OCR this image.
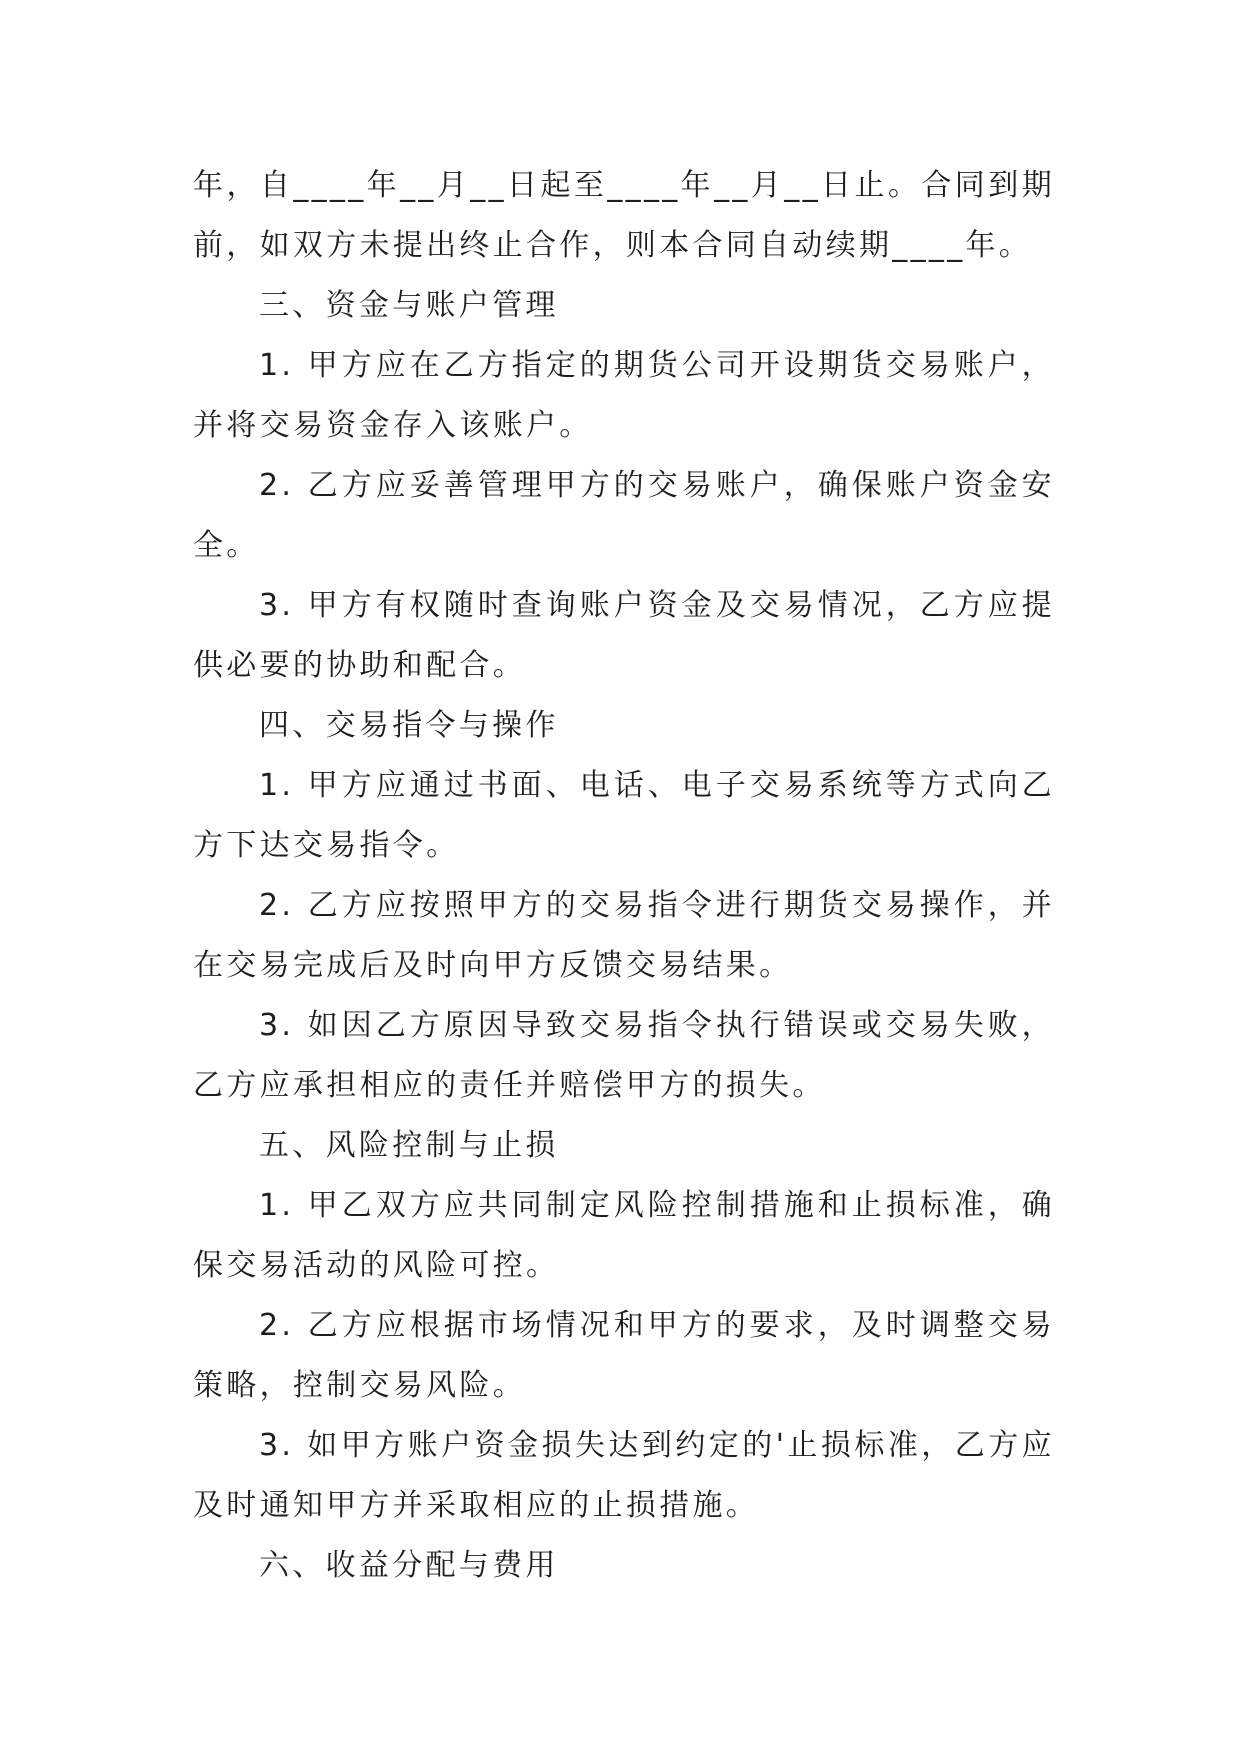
年，自____年__月__日起至____年__月__日止。合同到期前，如双方未提出终止合作，则本合同自动续期____年。

三、资金与账户管理

1. 甲方应在乙方指定的期货公司开设期货交易账户，并将交易资金存入该账户。

2. 乙方应妥善管理甲方的交易账户，确保账户资金安全。

3. 甲方有权随时查询账户资金及交易情况，乙方应提供必要的协助和配合。

四、交易指令与操作

1. 甲方应通过书面、电话、电子交易系统等方式向乙方下达交易指令。

2. 乙方应按照甲方的交易指令进行期货交易操作，并在交易完成后及时向甲方反馈交易结果。

3. 如因乙方原因导致交易指令执行错误或交易失败，乙方应承担相应的责任并赔偿甲方的损失。

五、风险控制与止损

1. 甲乙双方应共同制定风险控制措施和止损标准，确保交易活动的风险可控。

2. 乙方应根据市场情况和甲方的要求，及时调整交易策略，控制交易风险。

3. 如甲方账户资金损失达到约定的'止损标准，乙方应及时通知甲方并采取相应的止损措施。

六、收益分配与费用
